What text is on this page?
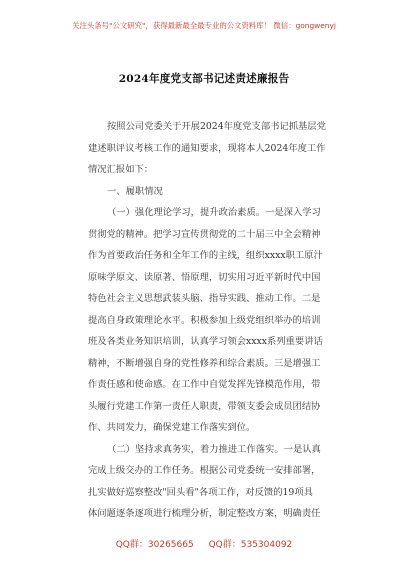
关注头条号"公文研究"，获得最新最全最专业的公文资料库！ 微信：gongwenyj
2024年度党支部书记述责述廉报告
按照公司党委关于开展2024年度党支部书记抓基层党
建述职评议考核工作的通知要求，现将本人2024年度工作
情况汇报如下：
一、履职情况
（一）强化理论学习，提升政治素质。一是深入学习
贯彻党的精神。把学习宣传贯彻党的二十届三中全会精神
作为首要政治任务和全年工作的主线，组织xxxx职工原汁
原味学原文、读原著、悟原理，切实用习近平新时代中国
特色社会主义思想武装头脑、指导实践、推动工作。二是
提高自身政策理论水平。积极参加上级党组织举办的培训
班及各类业务知识培训，认真学习领会xxxx系列重要讲话
精神，不断增强自身的党性修养和综合素质。三是增强工
作责任感和使命感。在工作中自觉发挥先锋模范作用，带
头履行党建工作第一责任人职责，带领支委会成员团结协
作、共同发力，确保党建工作落实到位。
（二）坚持求真务实，着力推进工作落实。一是认真
完成上级交办的工作任务。根据公司党委统一安排部署，
扎实做好巡察整改"回头看"各项工作，对反馈的19项具
体问题逐条逐项进行梳理分析，制定整改方案，明确责任
QQ群：30265665 QQ群：535304092
